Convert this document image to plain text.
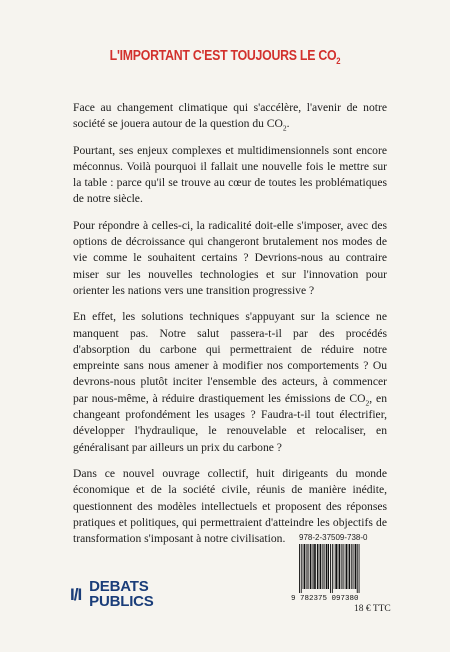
L'IMPORTANT C'EST TOUJOURS LE $CO_2$

Face au changement climatique qui s'accélère, l'avenir de notre société se jouera autour de la question du $CO_2$.

Pourtant, ses enjeux complexes et multidimensionnels sont encore méconnus. Voilà pourquoi il fallait une nouvelle fois le mettre sur la table : parce qu'il se trouve au cœur de toutes les problématiques de notre siècle.

Pour répondre à celles-ci, la radicalité doit-elle s'imposer, avec des options de décroissance qui changeront brutalement nos modes de vie comme le souhaitent certains ? Devrions-nous au contraire miser sur les nouvelles technologies et sur l'innovation pour orienter les nations vers une transition progressive ?

En effet, les solutions techniques s'appuyant sur la science ne manquent pas. Notre salut passera-t-il par des procédés d'absorption du carbone qui permettraient de réduire notre empreinte sans nous amener à modifier nos comportements ? Ou devrons-nous plutôt inciter l'ensemble des acteurs, à commencer par nous-même, à réduire drastiquement les émissions de $CO_2$, en changeant profondément les usages ? Faudra-t-il tout électrifier, développer l'hydraulique, le renouvelable et relocaliser, en généralisant par ailleurs un prix du carbone ?

Dans ce nouvel ouvrage collectif, huit dirigeants du monde économique et de la société civile, réunis de manière inédite, questionnent des modèles intellectuels et proposent des réponses pratiques et politiques, qui permettraient d'atteindre les objectifs de transformation s'imposant à notre civilisation.

I/I DEBATS
PUBLICS
978-2-37509-738-0
9 782375 097380
18 € TTC
